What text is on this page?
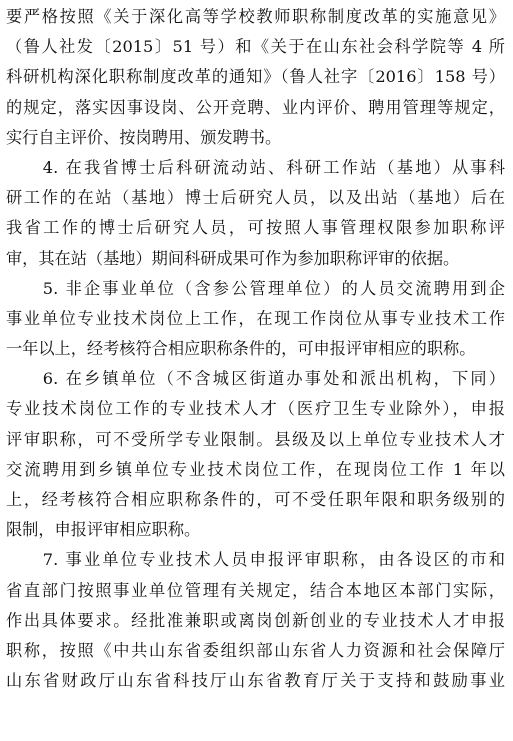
要严格按照《关于深化高等学校教师职称制度改革的实施意见》
（鲁人社发〔2015〕51 号）和《关于在山东社会科学院等 4 所
科研机构深化职称制度改革的通知》（鲁人社字〔2016〕158 号）
的规定，落实因事设岗、公开竞聘、业内评价、聘用管理等规定，
实行自主评价、按岗聘用、颁发聘书。
　　4. 在我省博士后科研流动站、科研工作站（基地）从事科
研工作的在站（基地）博士后研究人员，以及出站（基地）后在
我省工作的博士后研究人员，可按照人事管理权限参加职称评
审，其在站（基地）期间科研成果可作为参加职称评审的依据。
　　5. 非企事业单位（含参公管理单位）的人员交流聘用到企
事业单位专业技术岗位上工作，在现工作岗位从事专业技术工作
一年以上，经考核符合相应职称条件的，可申报评审相应的职称。
　　6. 在乡镇单位（不含城区街道办事处和派出机构，下同）
专业技术岗位工作的专业技术人才（医疗卫生专业除外），申报
评审职称，可不受所学专业限制。县级及以上单位专业技术人才
交流聘用到乡镇单位专业技术岗位工作，在现岗位工作 1 年以
上，经考核符合相应职称条件的，可不受任职年限和职务级别的
限制，申报评审相应职称。
　　7. 事业单位专业技术人员申报评审职称，由各设区的市和
省直部门按照事业单位管理有关规定，结合本地区本部门实际，
作出具体要求。经批准兼职或离岗创新创业的专业技术人才申报
职称，按照《中共山东省委组织部山东省人力资源和社会保障厅
山东省财政厅山东省科技厅山东省教育厅关于支持和鼓励事业
